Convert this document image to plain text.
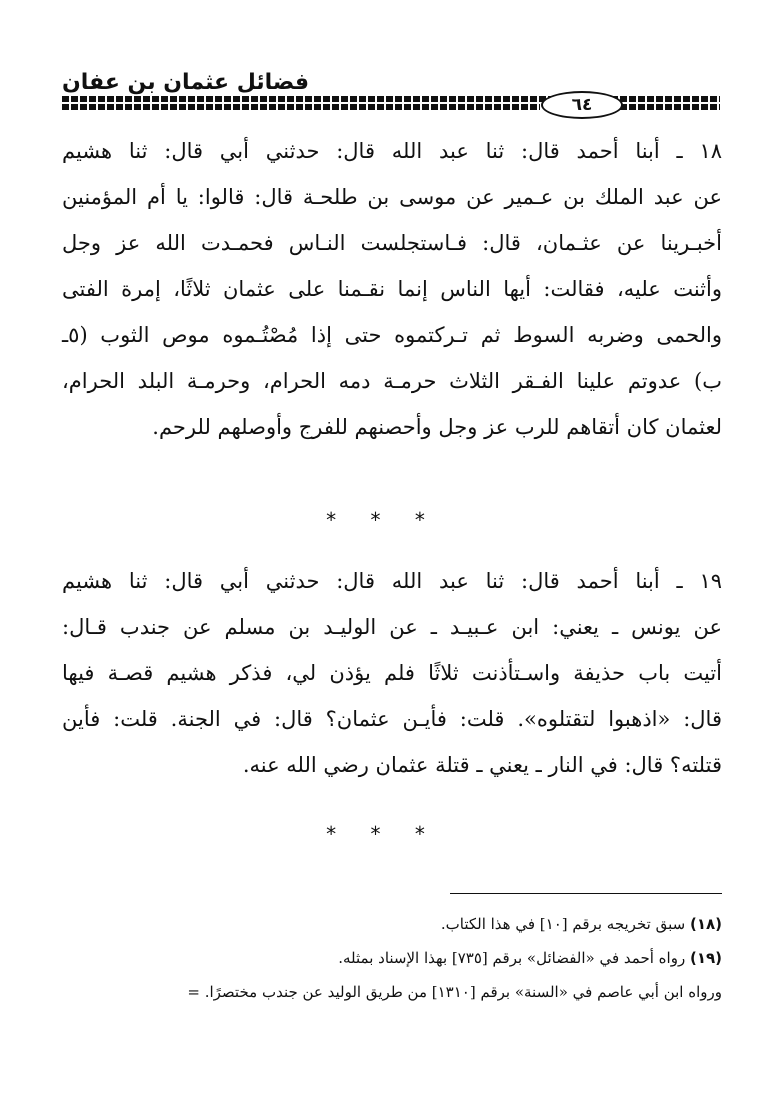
فضائل عثمان بن عفان
٦٤
١٨ ـ أبنا أحمد قال: ثنا عبد الله قال: حدثني أبي قال: ثنا هشيم
عن عبد الملك بن عـمير عن موسى بن طلحـة قال: قالوا: يا أم المؤمنين
أخبـرينا عن عثـمان، قال: فـاستجلست النـاس فحمـدت الله عز وجل
وأثنت عليه، فقالت: أيها الناس إنما نقـمنا على عثمان ثلاثًا، إمرة الفتى
والحمى وضربه السوط ثم تـركتموه حتى إذا مُصْتُـموه موص الثوب (٥ـ
ب) عدوتم علينا الفـقر الثلاث حرمـة دمه الحرام، وحرمـة البلد الحرام،
لعثمان كان أتقاهم للرب عز وجل وأحصنهم للفرج وأوصلهم للرحم.
* * *
١٩ ـ أبنا أحمد قال: ثنا عبد الله قال: حدثني أبي قال: ثنا هشيم
عن يونس ـ يعني: ابن عـبيـد ـ عن الوليـد بن مسلم عن جندب قـال:
أتيت باب حذيفة واسـتأذنت ثلاثًا فلم يؤذن لي، فذكر هشيم قصـة فيها
قال: «اذهبوا لتقتلوه». قلت: فأيـن عثمان؟ قال: في الجنة. قلت: فأين
قتلته؟ قال: في النار ـ يعني ـ قتلة عثمان رضي الله عنه.
* * *
(١٨) سبق تخريجه برقم [١٠] في هذا الكتاب.
(١٩) رواه أحمد في «الفضائل» برقم [٧٣٥] بهذا الإسناد بمثله.
ورواه ابن أبي عاصم في «السنة» برقم [١٣١٠] من طريق الوليد عن جندب مختصرًا. =
